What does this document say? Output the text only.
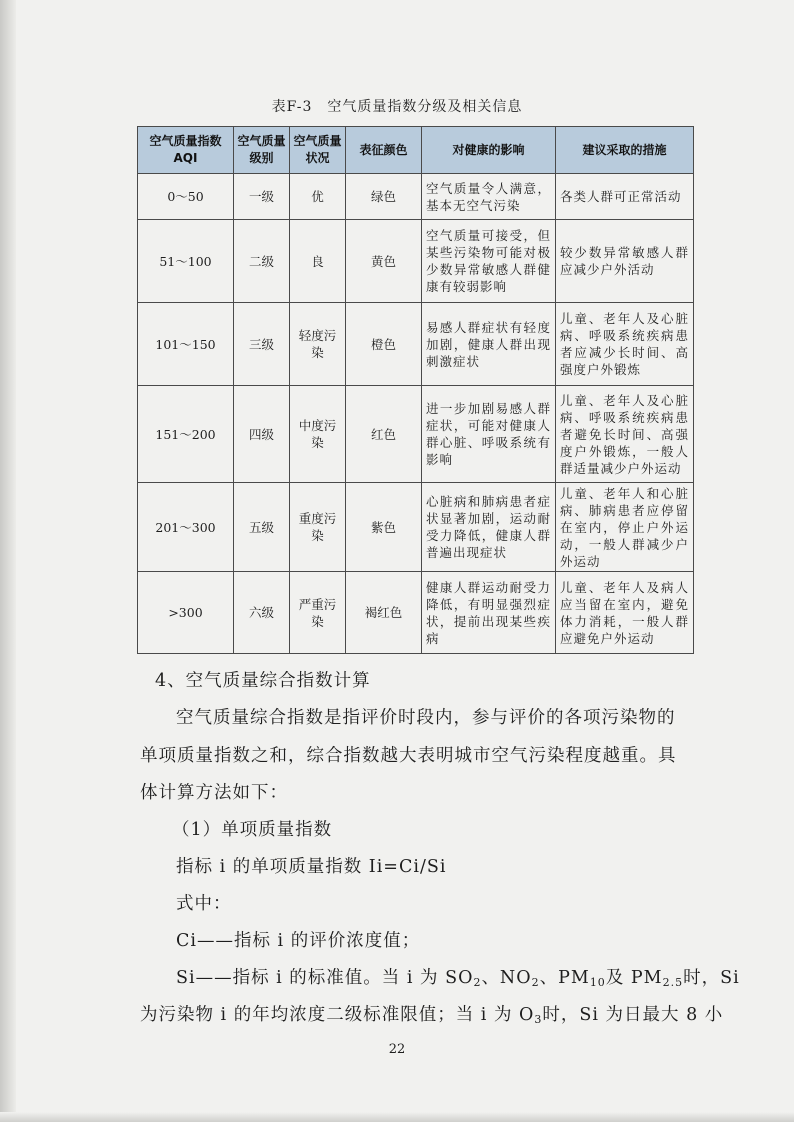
表F-3　空气质量指数分级及相关信息
空气质量指数AQI	空气质量级别	空气质量状况	表征颜色	对健康的影响	建议采取的措施
0～50	一级	优	绿色	空气质量令人满意，基本无空气污染	各类人群可正常活动
51～100	二级	良	黄色	空气质量可接受，但某些污染物可能对极少数异常敏感人群健康有较弱影响	较少数异常敏感人群应减少户外活动
101～150	三级	轻度污染	橙色	易感人群症状有轻度加剧，健康人群出现刺激症状	儿童、老年人及心脏病、呼吸系统疾病患者应减少长时间、高强度户外锻炼
151～200	四级	中度污染	红色	进一步加剧易感人群症状，可能对健康人群心脏、呼吸系统有影响	儿童、老年人及心脏病、呼吸系统疾病患者避免长时间、高强度户外锻炼，一般人群适量减少户外运动
201～300	五级	重度污染	紫色	心脏病和肺病患者症状显著加剧，运动耐受力降低，健康人群普遍出现症状	儿童、老年人和心脏病、肺病患者应停留在室内，停止户外运动，一般人群减少户外运动
>300	六级	严重污染	褐红色	健康人群运动耐受力降低，有明显强烈症状，提前出现某些疾病	儿童、老年人及病人应当留在室内，避免体力消耗，一般人群应避免户外运动
4、空气质量综合指数计算
空气质量综合指数是指评价时段内，参与评价的各项污染物的
单项质量指数之和，综合指数越大表明城市空气污染程度越重。具
体计算方法如下：
（1）单项质量指数
指标 i 的单项质量指数 Ii=Ci/Si
式中：
Ci——指标 i 的评价浓度值；
Si——指标 i 的标准值。当 i 为 $SO_2$、$NO_2$、$PM_{10}$及 $PM_{2.5}$时，Si
为污染物 i 的年均浓度二级标准限值；当 i 为 $O_3$时，Si 为日最大 8 小
22
